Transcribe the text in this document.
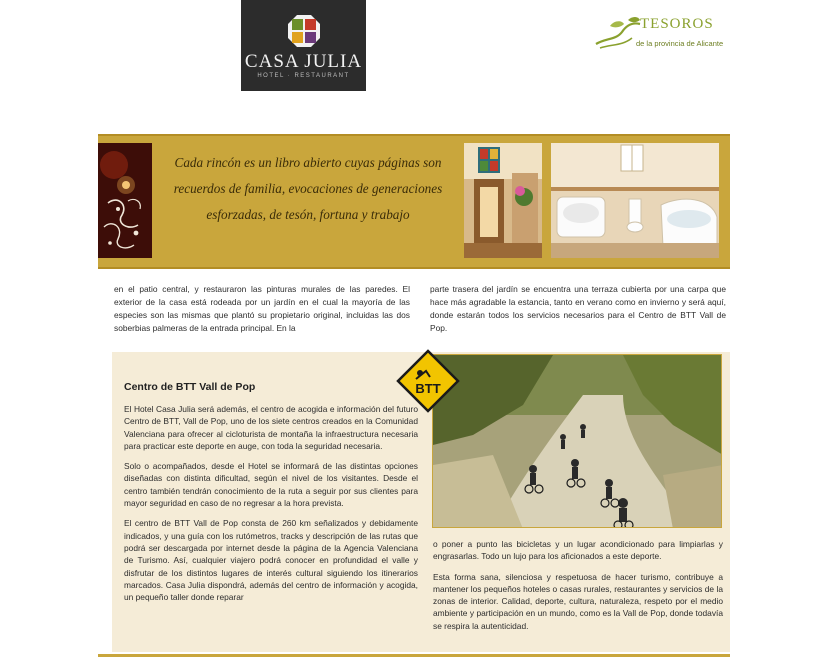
CASA JULIA
HOTEL · RESTAURANT
TESOROS
de la provincia de Alicante
Cada rincón es un libro abierto cuyas páginas son recuerdos de familia, evocaciones de generaciones esforzadas, de tesón, fortuna y trabajo

en el patio central, y restauraron las pinturas murales de las paredes. El exterior de la casa está rodeada por un jardín en el cual la mayoría de las especies son las mismas que plantó su propietario original, incluidas las dos soberbias palmeras de la entrada principal. En la

parte trasera del jardín se encuentra una terraza cubierta por una carpa que hace más agradable la estancia, tanto en verano como en invierno y será aquí, donde estarán todos los servicios necesarios para el Centro de BTT Vall de Pop.

Centro de BTT Vall de Pop

El Hotel Casa Julia será además, el centro de acogida e información del futuro Centro de BTT, Vall de Pop, uno de los siete centros creados en la Comunidad Valenciana para ofrecer al cicloturista de montaña la infraestructura necesaria para practicar este deporte en auge, con toda la seguridad necesaria.

Solo o acompañados, desde el Hotel se informará de las distintas opciones diseñadas con distinta dificultad, según el nivel de los visitantes. Desde el centro también tendrán conocimiento de la ruta a seguir por sus clientes para mayor seguridad en caso de no regresar a la hora prevista.

El centro de BTT Vall de Pop consta de 260 km señalizados y debidamente indicados, y una guía con los rutómetros, tracks y descripción de las rutas que podrá ser descargada por internet desde la página de la Agencia Valenciana de Turismo. Así, cualquier viajero podrá conocer en profundidad el valle y disfrutar de los distintos lugares de interés cultural siguiendo los itinerarios marcados. Casa Julia dispondrá, además del centro de información y acogida, un pequeño taller donde reparar

BTT

o poner a punto las bicicletas y un lugar acondicionado para limpiarlas y engrasarlas. Todo un lujo para los aficionados a este deporte.

Esta forma sana, silenciosa y respetuosa de hacer turismo, contribuye a mantener los pequeños hoteles o casas rurales, restaurantes y servicios de la zonas de interior. Calidad, deporte, cultura, naturaleza, respeto por el medio ambiente y participación en un mundo, como es la Vall de Pop, donde todavía se respira la autenticidad.
